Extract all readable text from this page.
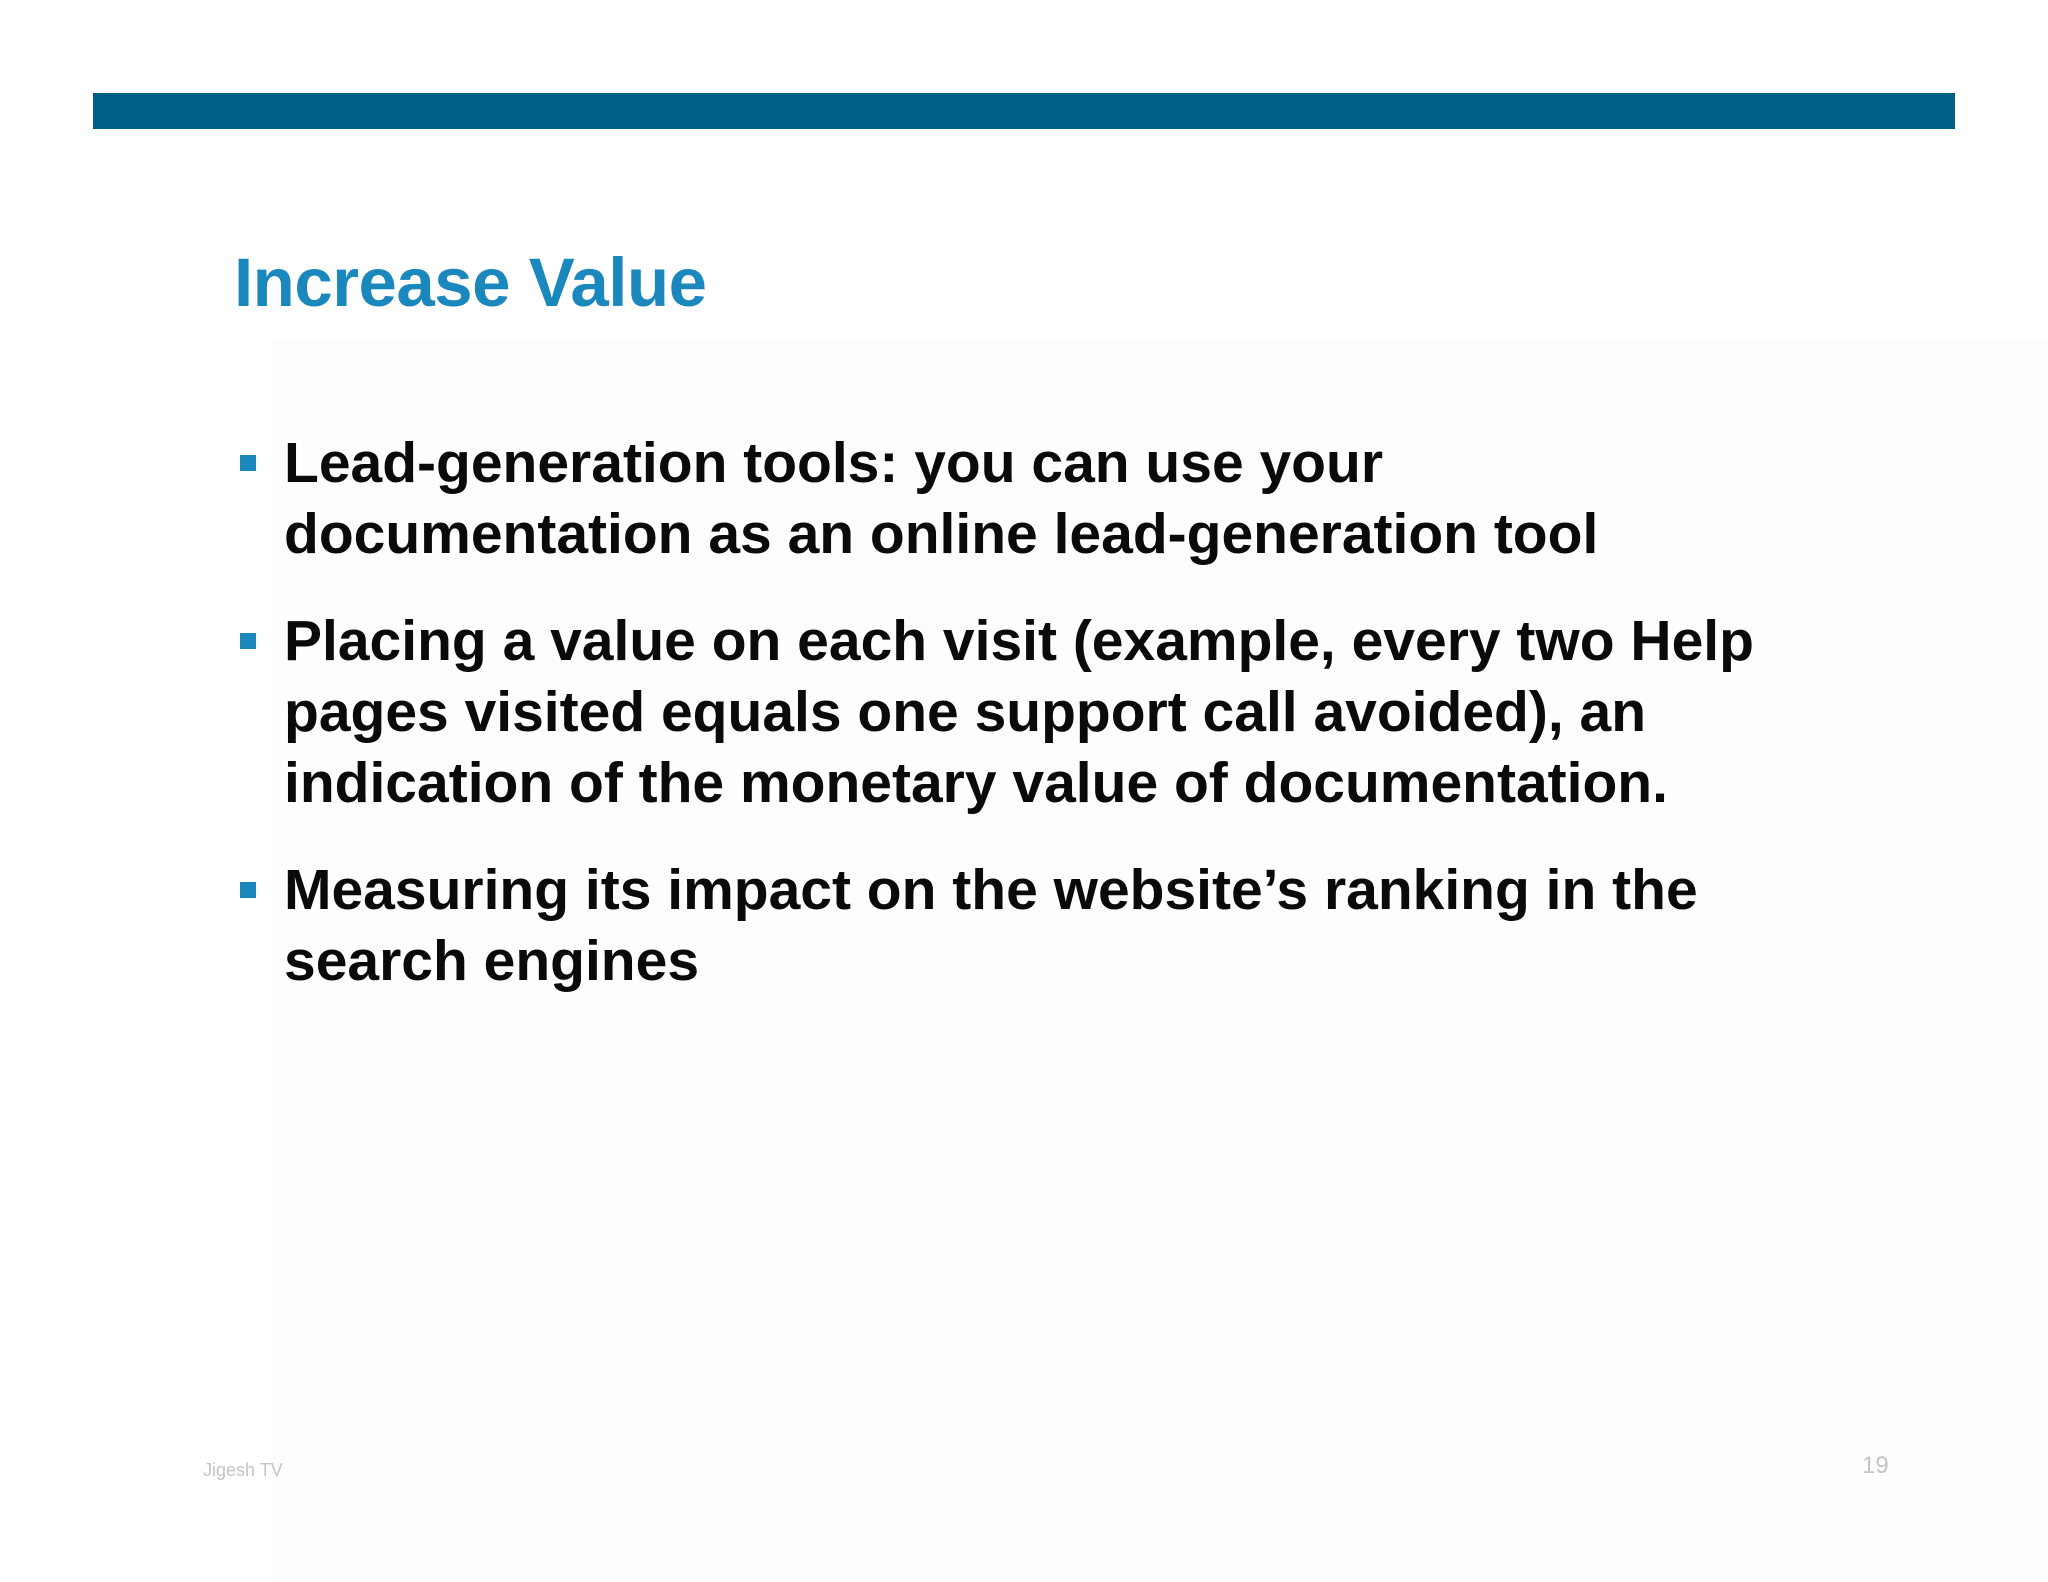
Increase Value
Lead-generation tools: you can use your documentation as an online lead-generation tool
Placing a value on each visit (example, every two Help pages visited equals one support call avoided), an indication of the monetary value of documentation.
Measuring its impact on the website’s ranking in the search engines
Jigesh TV	19
